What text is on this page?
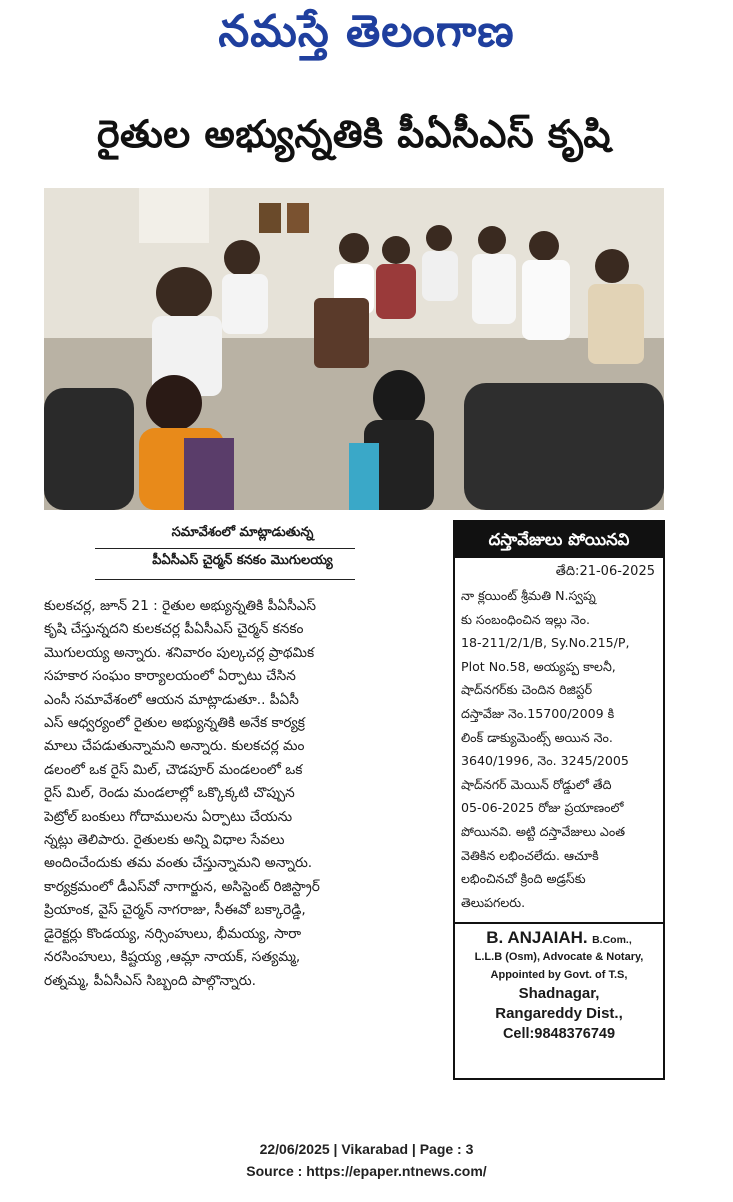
నమస్తే తెలంగాణ
రైతుల అభ్యున్నతికి పీఏసీఎస్ కృషి
సమావేశంలో మాట్లాడుతున్న
పీఏసీఎస్ చైర్మన్ కనకం మొగులయ్య

కులకచర్ల, జూన్ 21 : రైతుల అభ్యున్నతికి పీఏసీఎస్

కృషి చేస్తున్నదని కులకచర్ల పీఏసీఎస్ చైర్మన్ కనకం

మొగులయ్య అన్నారు. శనివారం పుల్కచర్ల ప్రాథమిక

సహకార సంఘం కార్యాలయంలో ఏర్పాటు చేసిన

ఎంసీ సమావేశంలో ఆయన మాట్లాడుతూ.. పీఏసీ

ఎస్ ఆధ్వర్యంలో రైతుల అభ్యున్నతికి అనేక కార్యక్ర

మాలు చేపడుతున్నామని అన్నారు. కులకచర్ల మం

డలంలో ఒక రైస్ మిల్, చౌడపూర్ మండలంలో ఒక

రైస్ మిల్, రెండు మండలాల్లో ఒక్కొక్కటి చొప్పున

పెట్రోల్ బంకులు గోదాములను ఏర్పాటు చేయను

న్నట్లు తెలిపారు. రైతులకు అన్ని విధాల సేవలు

అందించేందుకు తమ వంతు చేస్తున్నామని అన్నారు.

కార్యక్రమంలో డీఎస్‌వో నాగార్జున, అసిస్టెంట్ రిజిస్ట్రార్

ప్రియాంక, వైస్ చైర్మన్ నాగరాజు, సీఈవో బక్కారెడ్డి,

డైరెక్టర్లు కొండయ్య, నర్సింహులు, భీమయ్య, సారా

నరసింహులు, కిష్టయ్య ,ఆమ్లా నాయక్, సత్యమ్మ,

రత్నమ్మ, పీఏసీఎస్ సిబ్బంది పాల్గొన్నారు.

దస్తావేజులు పోయినవి
తేది:21-06-2025

నా క్లయింట్ శ్రీమతి N.స్వప్న

కు సంబంధించిన ఇల్లు నెం.

18-211/2/1/B, Sy.No.215/P,

Plot No.58, అయ్యప్ప కాలనీ,

షాద్‌నగర్‌కు చెందిన రిజిస్టర్

దస్తావేజు నెం.15700/2009 కి

లింక్ డాక్యుమెంట్స్ అయిన నెం.

3640/1996, నెం. 3245/2005

షాద్‌నగర్ మెయిన్ రోడ్డులో తేది

05-06-2025 రోజు ప్రయాణంలో

పోయినవి. అట్టి దస్తావేజులు ఎంత

వెతికిన లభించలేదు. ఆచూకి

లభించినచో క్రింది అడ్రస్‌కు

తెలుపగలరు.

B. ANJAIAH. B.Com.,
L.L.B (Osm), Advocate & Notary,
Appointed by Govt. of T.S,
Shadnagar,
Rangareddy Dist.,
Cell:9848376749
22/06/2025 | Vikarabad | Page : 3
Source : https://epaper.ntnews.com/
